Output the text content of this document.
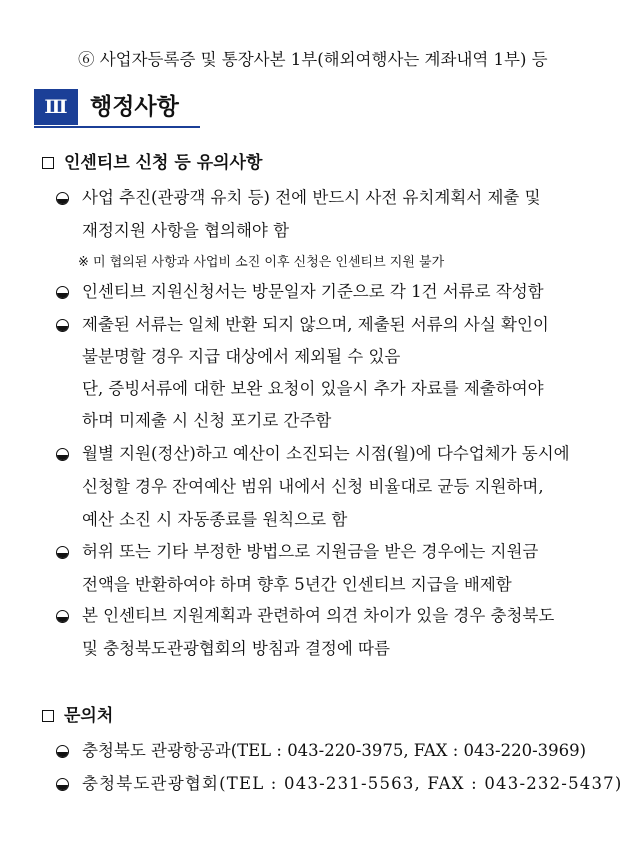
⑥ 사업자등록증 및 통장사본 1부(해외여행사는 계좌내역 1부) 등
Ⅲ 행정사항
인센티브 신청 등 유의사항
사업 추진(관광객 유치 등) 전에 반드시 사전 유치계획서 제출 및
재정지원 사항을 협의해야 함
※ 미 협의된 사항과 사업비 소진 이후 신청은 인센티브 지원 불가
인센티브 지원신청서는 방문일자 기준으로 각 1건 서류로 작성함
제출된 서류는 일체 반환 되지 않으며, 제출된 서류의 사실 확인이
불분명할 경우 지급 대상에서 제외될 수 있음
단, 증빙서류에 대한 보완 요청이 있을시 추가 자료를 제출하여야
하며 미제출 시 신청 포기로 간주함
월별 지원(정산)하고 예산이 소진되는 시점(월)에 다수업체가 동시에
신청할 경우 잔여예산 범위 내에서 신청 비율대로 균등 지원하며,
예산 소진 시 자동종료를 원칙으로 함
허위 또는 기타 부정한 방법으로 지원금을 받은 경우에는 지원금
전액을 반환하여야 하며 향후 5년간 인센티브 지급을 배제함
본 인센티브 지원계획과 관련하여 의견 차이가 있을 경우 충청북도
및 충청북도관광협회의 방침과 결정에 따름
문의처
충청북도 관광항공과(TEL : 043-220-3975, FAX : 043-220-3969)
충청북도관광협회(TEL : 043-231-5563, FAX : 043-232-5437)
